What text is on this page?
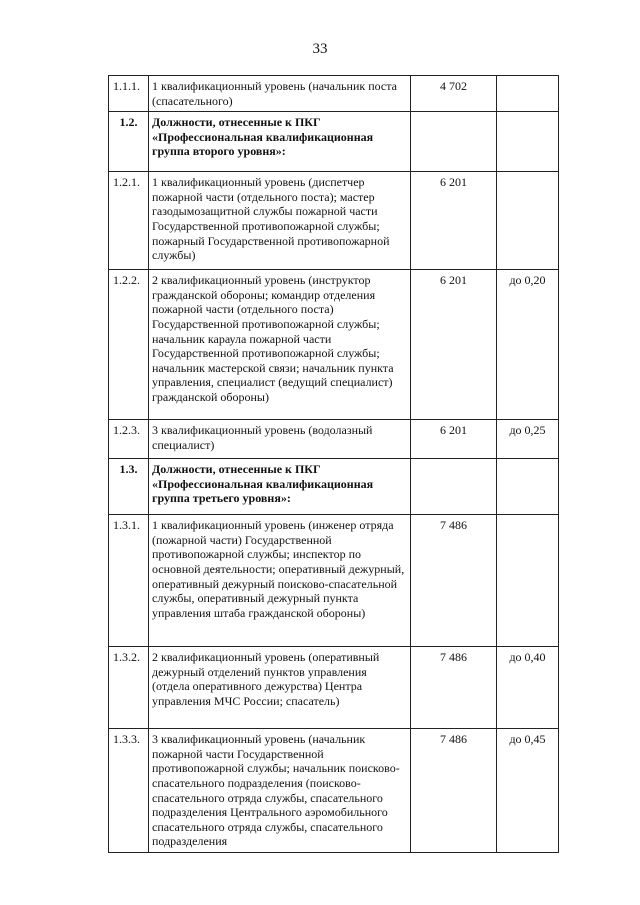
33
1.1.1.	1 квалификационный уровень (начальник поста (спасательного)	4 702	
1.2.	Должности, отнесенные к ПКГ «Профессиональная квалификационная группа второго уровня»:		
1.2.1.	1 квалификационный уровень (диспетчер пожарной части (отдельного поста); мастер газодымозащитной службы пожарной части Государственной противопожарной службы; пожарный Государственной противопожарной службы)	6 201	
1.2.2.	2 квалификационный уровень (инструктор гражданской обороны; командир отделения пожарной части (отдельного поста) Государственной противопожарной службы; начальник караула пожарной части Государственной противопожарной службы; начальник мастерской связи; начальник пункта управления, специалист (ведущий специалист) гражданской обороны)	6 201	до 0,20
1.2.3.	3 квалификационный уровень (водолазный специалист)	6 201	до 0,25
1.3.	Должности, отнесенные к ПКГ «Профессиональная квалификационная группа третьего уровня»:		
1.3.1.	1 квалификационный уровень (инженер отряда (пожарной части) Государственной противопожарной службы; инспектор по основной деятельности; оперативный дежурный, оперативный дежурный поисково-спасательной службы, оперативный дежурный пункта управления штаба гражданской обороны)	7 486	
1.3.2.	2 квалификационный уровень (оперативный дежурный отделений пунктов управления (отдела оперативного дежурства) Центра управления МЧС России; спасатель)	7 486	до 0,40
1.3.3.	3 квалификационный уровень (начальник пожарной части Государственной противопожарной службы; начальник поисково-спасательного подразделения (поисково-спасательного отряда службы, спасательного подразделения Центрального аэромобильного спасательного отряда службы, спасательного подразделения	7 486	до 0,45
